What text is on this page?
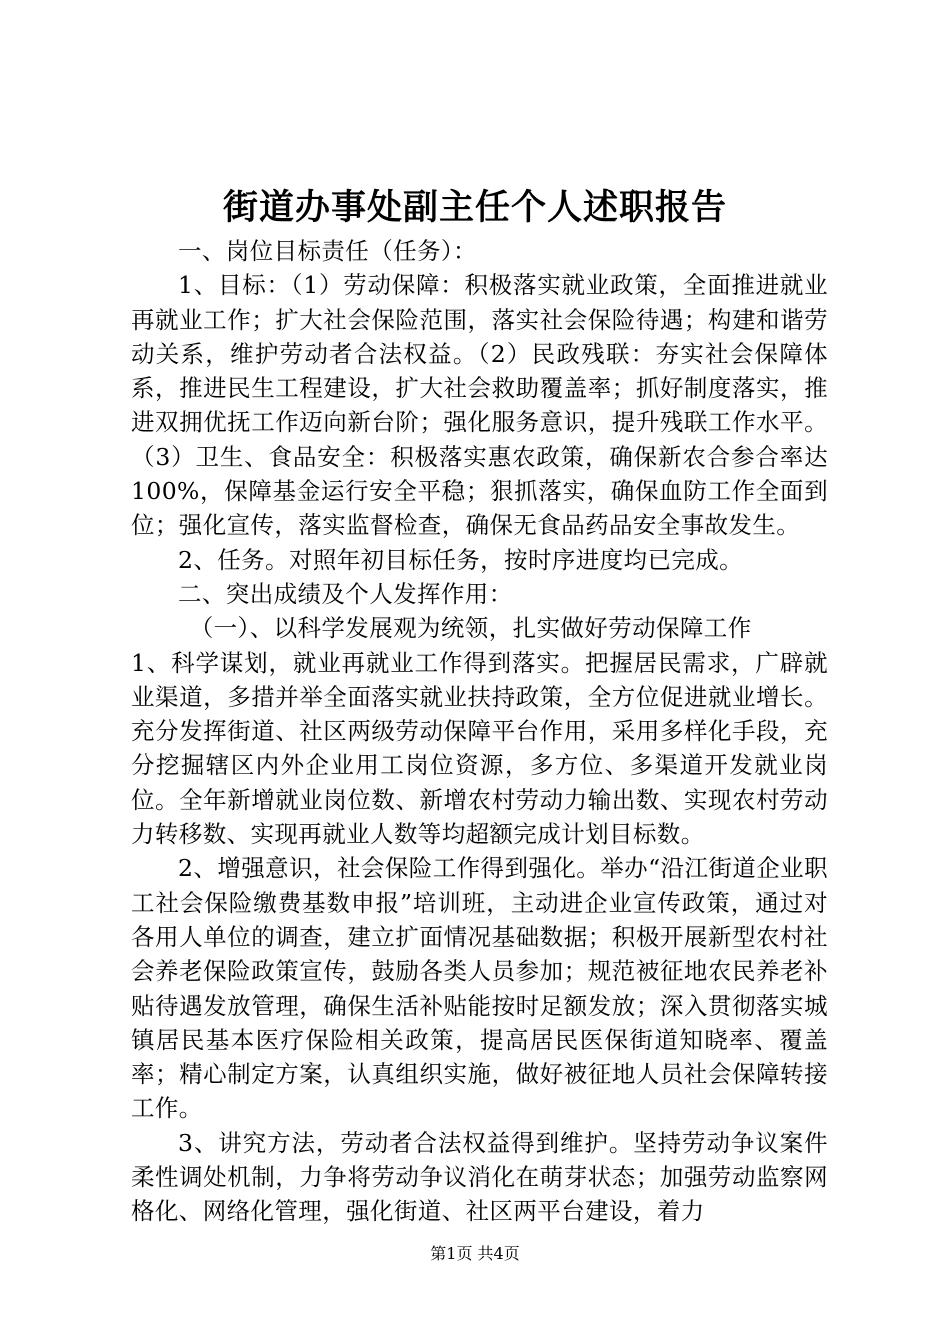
街道办事处副主任个人述职报告

一、岗位目标责任（任务）：

1、目标：（1）劳动保障：积极落实就业政策，全面推进就业再就业工作；扩大社会保险范围，落实社会保险待遇；构建和谐劳动关系，维护劳动者合法权益。（2）民政残联：夯实社会保障体系，推进民生工程建设，扩大社会救助覆盖率；抓好制度落实，推进双拥优抚工作迈向新台阶；强化服务意识，提升残联工作水平。（3）卫生、食品安全：积极落实惠农政策，确保新农合参合率达100%，保障基金运行安全平稳；狠抓落实，确保血防工作全面到位；强化宣传，落实监督检查，确保无食品药品安全事故发生。

2、任务。对照年初目标任务，按时序进度均已完成。

二、突出成绩及个人发挥作用：

（一）、以科学发展观为统领，扎实做好劳动保障工作

1、科学谋划，就业再就业工作得到落实。把握居民需求，广辟就业渠道，多措并举全面落实就业扶持政策，全方位促进就业增长。充分发挥街道、社区两级劳动保障平台作用，采用多样化手段，充分挖掘辖区内外企业用工岗位资源，多方位、多渠道开发就业岗位。全年新增就业岗位数、新增农村劳动力输出数、实现农村劳动力转移数、实现再就业人数等均超额完成计划目标数。

2、增强意识，社会保险工作得到强化。举办“沿江街道企业职工社会保险缴费基数申报”培训班，主动进企业宣传政策，通过对各用人单位的调查，建立扩面情况基础数据；积极开展新型农村社会养老保险政策宣传，鼓励各类人员参加；规范被征地农民养老补贴待遇发放管理，确保生活补贴能按时足额发放；深入贯彻落实城镇居民基本医疗保险相关政策，提高居民医保街道知晓率、覆盖率；精心制定方案，认真组织实施，做好被征地人员社会保障转接工作。

3、讲究方法，劳动者合法权益得到维护。坚持劳动争议案件柔性调处机制，力争将劳动争议消化在萌芽状态；加强劳动监察网格化、网络化管理，强化街道、社区两平台建设，着力

第1页 共4页
